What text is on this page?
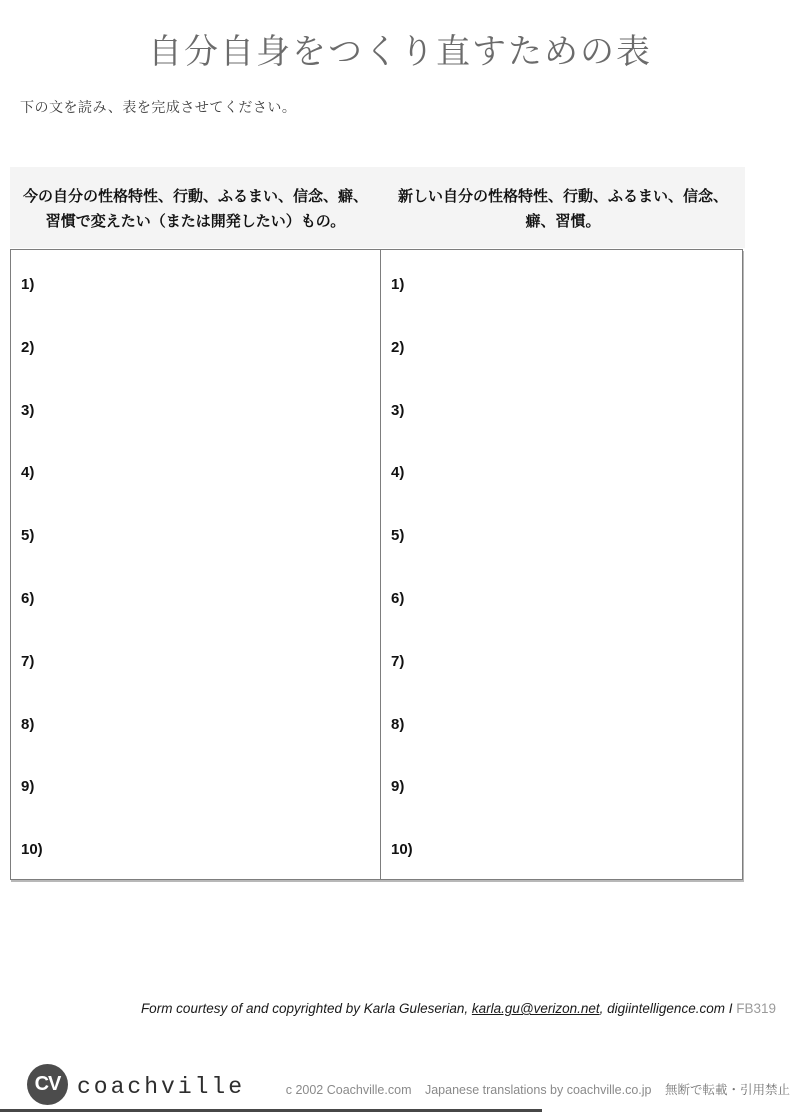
自分自身をつくり直すための表
下の文を読み、表を完成させてください。
今の自分の性格特性、行動、ふるまい、信念、癖、習慣で変えたい（または開発したい）もの。
新しい自分の性格特性、行動、ふるまい、信念、癖、習慣。
1)
2)
3)
4)
5)
6)
7)
8)
9)
10)
1)
2)
3)
4)
5)
6)
7)
8)
9)
10)
Form courtesy of and copyrighted by Karla Guleserian, karla.gu@verizon.net, digiintelligence.com I FB319
CV coachville	c 2002 Coachville.com Japanese translations by coachville.co.jp 無断で転載・引用禁止
